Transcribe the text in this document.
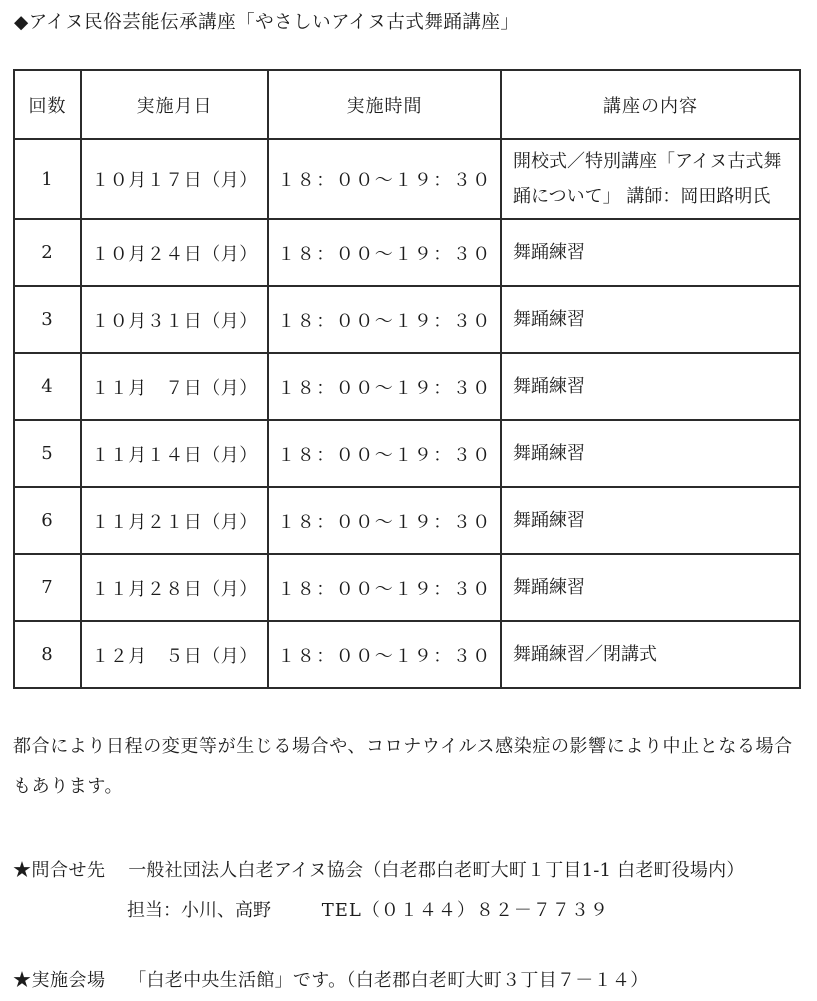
◆アイヌ民俗芸能伝承講座「やさしいアイヌ古式舞踊講座」
回数	実施月日	実施時間	講座の内容
1	１０月１７日（月）	１８：００～１９：３０	開校式／特別講座「アイヌ古式舞踊について」 講師：岡田路明氏
2	１０月２４日（月）	１８：００～１９：３０	舞踊練習
3	１０月３１日（月）	１８：００～１９：３０	舞踊練習
4	１１月　７日（月）	１８：００～１９：３０	舞踊練習
5	１１月１４日（月）	１８：００～１９：３０	舞踊練習
6	１１月２１日（月）	１８：００～１９：３０	舞踊練習
7	１１月２８日（月）	１８：００～１９：３０	舞踊練習
8	１２月　５日（月）	１８：００～１９：３０	舞踊練習／閉講式
都合により日程の変更等が生じる場合や、コロナウイルス感染症の影響により中止となる場合もあります。
★問合せ先 一般社団法人白老アイヌ協会（白老郡白老町大町１丁目1-1 白老町役場内）
担当：小川、高野	TEL（０１４４）８２－７７３９
★実施会場 「白老中央生活館」です。（白老郡白老町大町３丁目７－１４）
